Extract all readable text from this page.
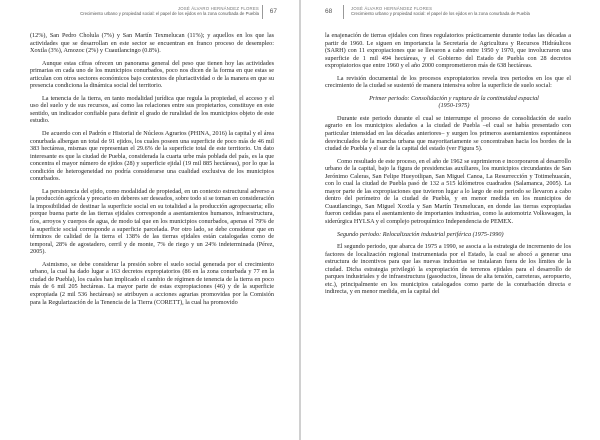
JOSÉ ÁLVARO HERNÁNDEZ FLORES
Crecimiento urbano y propiedad social: el papel de los ejidos en la zona conurbada de Puebla 67

(12%), San Pedro Cholula (7%) y San Martín Texmelucan (11%); y aquellos en los que las actividades que se desarrollan en este sector se encuentran en franco proceso de desempleo: Xoxtla (3%), Amozoc (2%) y Cuautlancingo (0.8%).

Aunque estas cifras ofrecen un panorama general del peso que tienen hoy las actividades primarias en cada uno de los municipios conurbados, poco nos dicen de la forma en que estas se articulan con otros sectores económicos bajo contextos de pluriactividad o de la manera en que su presencia condiciona la dinámica social del territorio.

La tenencia de la tierra, en tanto modalidad jurídica que regula la propiedad, el acceso y el uso del suelo y de sus recursos, así como las relaciones entre sus propietarios, constituye en este sentido, un indicador confiable para definir el grado de ruralidad de los municipios objeto de este estudio.

De acuerdo con el Padrón e Historial de Núcleos Agrarios (PHINA, 2016) la capital y el área conurbada albergan un total de 91 ejidos, los cuales poseen una superficie de poco más de 46 mil 383 hectáreas, mismas que representan el 29.6% de la superficie total de este territorio. Un dato interesante es que la ciudad de Puebla, considerada la cuarta urbe más poblada del país, es la que concentra el mayor número de ejidos (28) y superficie ejidal (19 mil 885 hectáreas), por lo que la condición de heterogeneidad no podría considerarse una cualidad exclusiva de los municipios conurbados.

La persistencia del ejido, como modalidad de propiedad, en un contexto estructural adverso a la producción agrícola y precario en deberes ser deseados, sobre todo si se toman en consideración la imposibilidad de destinar la superficie social en su totalidad a la producción agropecuaria; ello porque buena parte de las tierras ejidales corresponde a asentamientos humanos, infraestructura, ríos, arroyos y cuerpos de agua, de modo tal que en los municipios conurbados, apenas el 79% de la superficie social corresponde a superficie parcelada. Por otro lado, se debe considerar que en términos de calidad de la tierra el 138% de las tierras ejidales están catalogadas como de temporal, 28% de agostadero, cerril y de monte, 7% de riego y un 24% indeterminada (Pérez, 2005).

Asimismo, se debe considerar la presión sobre el suelo social generada por el crecimiento urbano, la cual ha dado lugar a 163 decretos expropiatorios (86 en la zona conurbada y 77 en la ciudad de Puebla), los cuales han implicado el cambio de régimen de tenencia de la tierra en poco más de 6 mil 205 hectáreas. La mayor parte de estas expropiaciones (46) y de la superficie expropiada (2 mil 536 hectáreas) se atribuyen a acciones agrarias promovidas por la Comisión para la Regularización de la Tenencia de la Tierra (CORETT), la cual ha promovido

68	JOSÉ ÁLVARO HERNÁNDEZ FLORES
Crecimiento urbano y propiedad social: el papel de los ejidos en la zona conurbada de Puebla

la enajenación de tierras ejidales con fines regulatorios prácticamente durante todas las décadas a partir de 1960. Le siguen en importancia la Secretaría de Agricultura y Recursos Hidráulicos (SARH) con 11 expropiaciones que se llevaron a cabo entre 1950 y 1970, que involucraron una superficie de 1 mil 494 hectáreas, y el Gobierno del Estado de Puebla con 28 decretos expropiatorios que entre 1960 y el año 2000 comprometieron más de 638 hectáreas.

La revisión documental de los procesos expropiatorios revela tres periodos en los que el crecimiento de la ciudad se sustentó de manera intensiva sobre la superficie de suelo social:

Primer periodo: Consolidación y ruptura de la continuidad espacial
(1950-1975)

Durante este periodo durante el cual se interrumpe el proceso de consolidación de suelo agrario en los municipios aledaños a la ciudad de Puebla –el cual se había presentado con particular intensidad en las décadas anteriores– y surgen los primeros asentamientos espontáneos desvinculados de la mancha urbana que mayoritariamente se concentraban hacia los bordes de la ciudad de Puebla y el sur de la capital del estado (ver Figura 5).

Como resultado de este proceso, en el año de 1962 se suprimieron e incorporaron al desarrollo urbano de la capital, bajo la figura de presidencias auxiliares, los municipios circundantes de San Jerónimo Caleras, San Felipe Hueyotlipan, San Miguel Canoa, La Resurrección y Totimehuacán, con lo cual la ciudad de Puebla pasó de 132 a 515 kilómetros cuadrados (Salamanca, 2005). La mayor parte de las expropiaciones que tuvieron lugar a lo largo de este periodo se llevaron a cabo dentro del perímetro de la ciudad de Puebla, y en menor medida en los municipios de Cuautlancingo, San Miguel Xoxtla y San Martín Texmelucan, en donde las tierras expropiadas fueron cedidas para el asentamiento de importantes industrias, como la automotriz Volkswagen, la siderúrgica HYLSA y el complejo petroquímico Independencia de PEMEX.

Segundo periodo: Relocalización industrial periférica (1975-1990)

El segundo periodo, que abarca de 1975 a 1990, se asocia a la estrategia de incremento de los factores de localización regional instrumentada por el Estado, la cual se abocó a generar una estructura de incentivos para que las nuevas industrias se instalaran fuera de los límites de la ciudad. Dicha estrategia privilegió la expropiación de terrenos ejidales para el desarrollo de parques industriales y de infraestructura (gasoductos, líneas de alta tensión, carreteras, aeropuerto, etc.), principalmente en los municipios catalogados como parte de la conurbación directa e indirecta, y en menor medida, en la capital del
